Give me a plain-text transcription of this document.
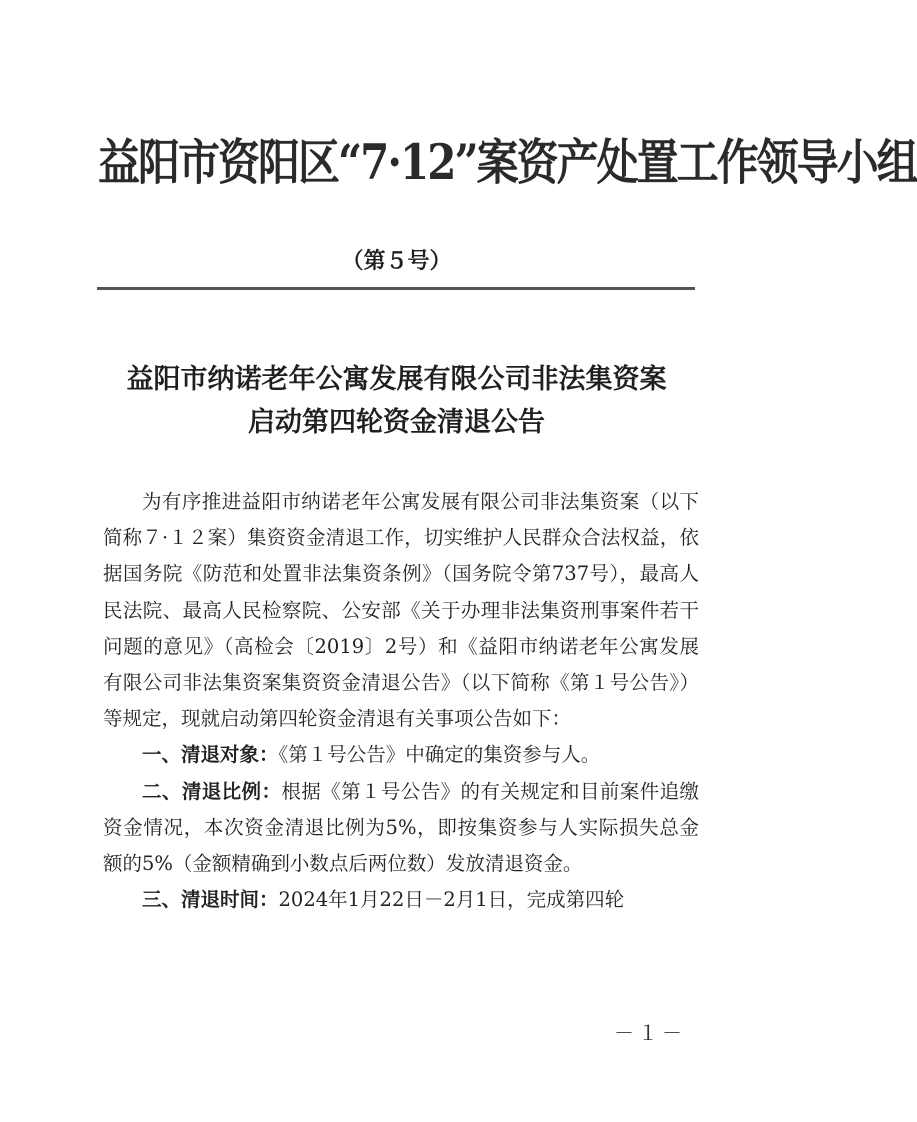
益阳市资阳区“7·12”案资产处置工作领导小组
（第５号）
益阳市纳诺老年公寓发展有限公司非法集资案
启动第四轮资金清退公告

为有序推进益阳市纳诺老年公寓发展有限公司非法集资案（以下简称７·１２案）集资资金清退工作，切实维护人民群众合法权益，依据国务院《防范和处置非法集资条例》（国务院令第737号），最高人民法院、最高人民检察院、公安部《关于办理非法集资刑事案件若干问题的意见》（高检会〔2019〕2号）和《益阳市纳诺老年公寓发展有限公司非法集资案集资资金清退公告》（以下简称《第１号公告》）等规定，现就启动第四轮资金清退有关事项公告如下：

一、清退对象：《第１号公告》中确定的集资参与人。

二、清退比例：根据《第１号公告》的有关规定和目前案件追缴资金情况，本次资金清退比例为5%，即按集资参与人实际损失总金额的5%（金额精确到小数点后两位数）发放清退资金。

三、清退时间：2024年1月22日－2月1日，完成第四轮

－１－
